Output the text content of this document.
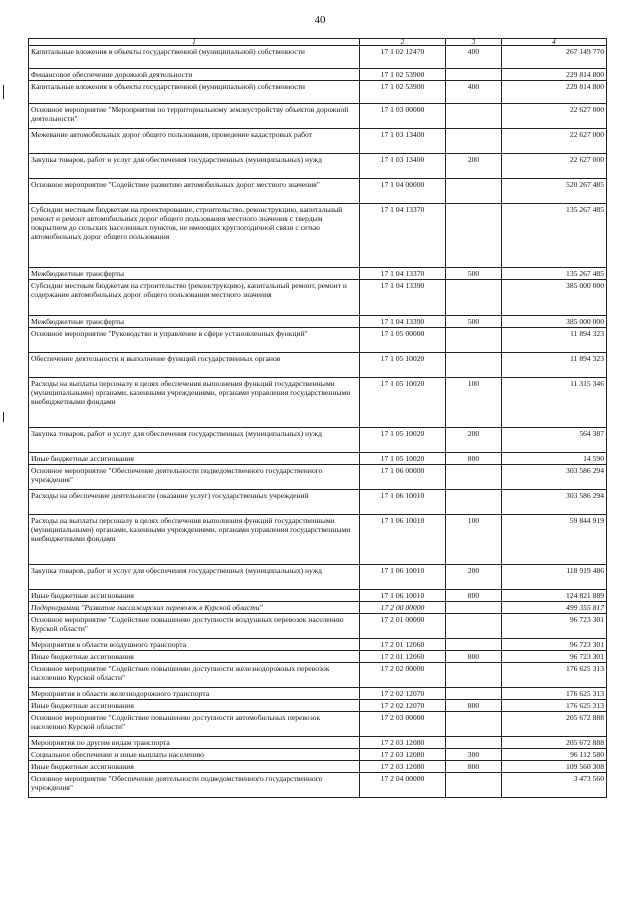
40
1	2	3	4
Капитальные вложения в объекты государственной (муниципальной) собственности	17 1 02 12470	400	267 149 770
Финансовое обеспечение дорожной деятельности	17 1 02 53900		229 814 800
Капитальные вложения в объекты государственной (муниципальной) собственности	17 1 02 53900	400	229 814 800
Основное мероприятие "Мероприятия по территориальному землеустройству объектов дорожной деятельности"	17 1 03 00000		22 627 000
Межевание автомобильных дорог общего пользования, проведение кадастровых работ	17 1 03 13400		22 627 000
Закупка товаров, работ и услуг для обеспечения государственных (муниципальных) нужд	17 1 03 13400	200	22 627 000
Основное мероприятие "Содействие развитию автомобильных дорог местного значения"	17 1 04 00000		520 267 485
Субсидии местным бюджетам на проектирование, строительство, реконструкцию, капитальный ремонт и ремонт автомобильных дорог общего пользования местного значения с твердым покрытием до сельских населенных пунктов, не имеющих круглогодичной связи с сетью автомобильных дорог общего пользования	17 1 04 13370		135 267 485
Межбюджетные трансферты	17 1 04 13370	500	135 267 485
Субсидии местным бюджетам на строительство (реконструкцию), капитальный ремонт, ремонт и содержание автомобильных дорог общего пользования местного значения	17 1 04 13390		385 000 000
Межбюджетные трансферты	17 1 04 13390	500	385 000 000
Основное мероприятие "Руководство и управление в сфере установленных функций"	17 1 05 00000		11 894 323
Обеспечение деятельности и выполнение функций государственных органов	17 1 05 10020		11 894 323
Расходы на выплаты персоналу в целях обеспечения выполнения функций государственными (муниципальными) органами, казенными учреждениями, органами управления государственными внебюджетными фондами	17 1 05 10020	100	11 315 346
Закупка товаров, работ и услуг для обеспечения государственных (муниципальных) нужд	17 1 05 10020	200	564 387
Иные бюджетные ассигнования	17 1 05 10020	800	14 590
Основное мероприятие "Обеспечение деятельности подведомственного государственного учреждения"	17 1 06 00000		303 586 294
Расходы на обеспечение деятельности (оказание услуг) государственных учреждений	17 1 06 10010		303 586 294
Расходы на выплаты персоналу в целях обеспечения выполнения функций государственными (муниципальными) органами, казенными учреждениями, органами управления государственными внебюджетными фондами	17 1 06 10010	100	59 844 919
Закупка товаров, работ и услуг для обеспечения государственных (муниципальных) нужд	17 1 06 10010	200	118 919 486
Иные бюджетные ассигнования	17 1 06 10010	800	124 821 889
Подпрограмма "Развитие пассажирских перевозок в Курской области"	17 2 00 00000		499 355 817
Основное мероприятие "Содействие повышению доступности воздушных перевозок населению Курской области"	17 2 01 00000		96 723 301
Мероприятия в области воздушного транспорта	17 2 01 12060		96 723 301
Иные бюджетные ассигнования	17 2 01 12060	800	96 723 301
Основное мероприятие "Содействие повышению доступности железнодорожных перевозок населению Курской области"	17 2 02 00000		176 625 313
Мероприятия в области железнодорожного транспорта	17 2 02 12070		176 625 313
Иные бюджетные ассигнования	17 2 02 12070	800	176 625 313
Основное мероприятие "Содействие повышению доступности автомобильных перевозок населению Курской области"	17 2 03 00000		205 672 888
Мероприятия по другим видам транспорта	17 2 03 12080		205 672 888
Социальное обеспечение и иные выплаты населению	17 2 03 12080	300	96 112 580
Иные бюджетные ассигнования	17 2 03 12080	800	109 560 308
Основное мероприятие "Обеспечение деятельности подведомственного государственного учреждения"	17 2 04 00000		3 473 560
